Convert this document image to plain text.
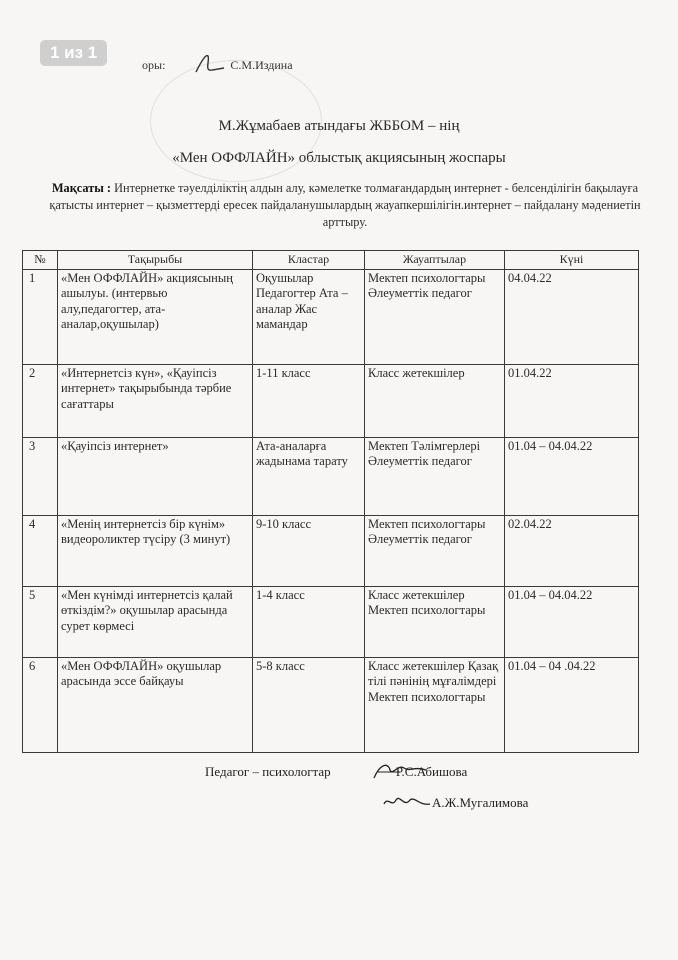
1 из 1
оры:	С.М.Издина
М.Жұмабаев атындағы ЖББОМ – нің
«Мен ОФФЛАЙН» облыстық акциясының жоспары
Мақсаты : Интернетке тәуелділіктің алдын алу, кәмелетке толмағандардың интернет - белсенділігін бақылауға қатысты интернет – қызметтерді ересек пайдаланушылардың жауапкершілігін.интернет – пайдалану мәдениетін арттыру.
№	Тақырыбы	Кластар	Жауаптылар	Күні
1	«Мен ОФФЛАЙН» акциясының ашылуы. (интервью алу,педагогтер, ата-аналар,оқушылар)	Оқушылар Педагогтер Ата –аналар Жас мамандар	Мектеп психологтары Әлеуметтік педагог	04.04.22
2	«Интернетсіз күн», «Қауіпсіз интернет» тақырыбында тәрбие сағаттары	1-11 класс	Класс жетекшілер	01.04.22
3	«Қауіпсіз интернет»	Ата-аналарға жадынама тарату	Мектеп Тәлімгерлері Әлеуметтік педагог	01.04 – 04.04.22
4	«Менің интернетсіз бір күнім» видеороликтер түсіру (3 минут)	9-10 класс	Мектеп психологтары Әлеуметтік педагог	02.04.22
5	«Мен күнімді интернетсіз қалай өткіздім?» оқушылар арасында сурет көрмесі	1-4 класс	Класс жетекшілер Мектеп психологтары	01.04 – 04.04.22
6	«Мен ОФФЛАЙН» оқушылар арасында эссе байқауы	5-8 класс	Класс жетекшілер Қазақ тілі пәнінің мұғалімдері Мектеп психологтары	01.04 – 04 .04.22
Педагог – психологтар	Р.С.Абишова
А.Ж.Мугалимова
